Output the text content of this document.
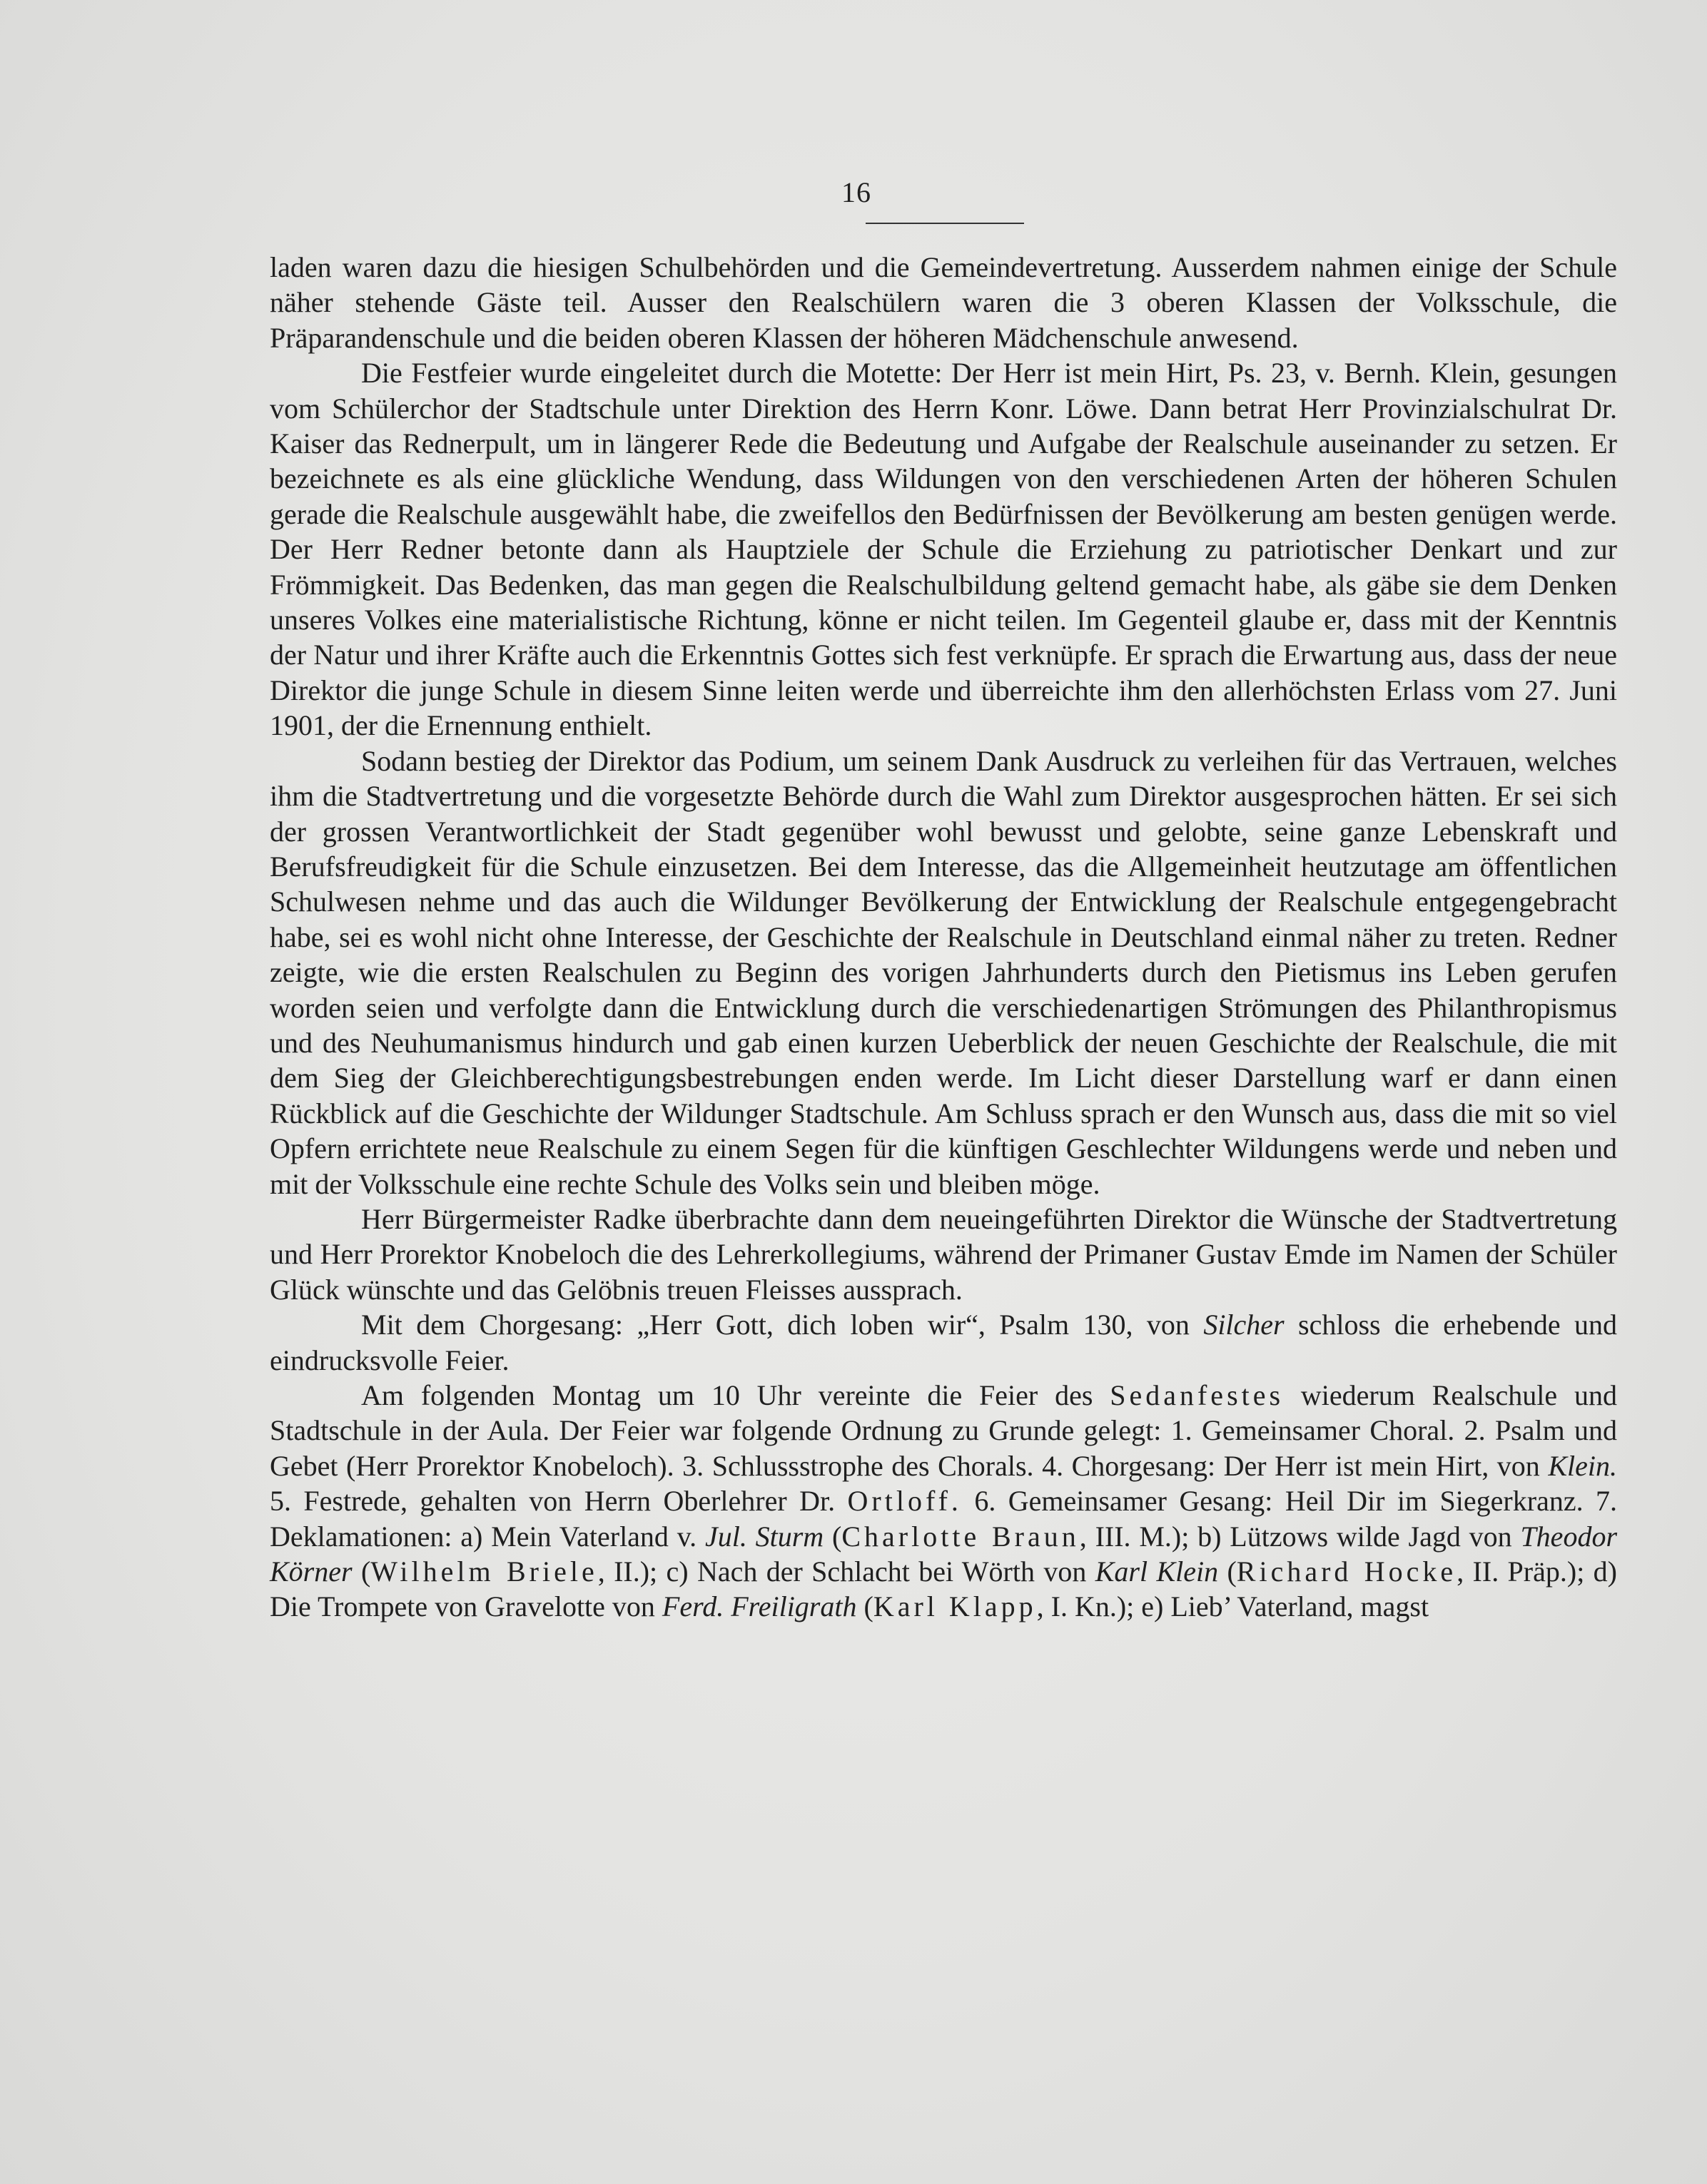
16

laden waren dazu die hiesigen Schulbehörden und die Gemeindevertretung. Ausserdem nahmen einige der Schule näher stehende Gäste teil. Ausser den Realschülern waren die 3 oberen Klassen der Volksschule, die Präparandenschule und die beiden oberen Klassen der höheren Mädchenschule anwesend.

Die Festfeier wurde eingeleitet durch die Motette: Der Herr ist mein Hirt, Ps. 23, v. Bernh. Klein, gesungen vom Schülerchor der Stadtschule unter Direktion des Herrn Konr. Löwe. Dann betrat Herr Provinzialschulrat Dr. Kaiser das Rednerpult, um in längerer Rede die Bedeutung und Aufgabe der Realschule auseinander zu setzen. Er bezeichnete es als eine glückliche Wendung, dass Wildungen von den verschiedenen Arten der höheren Schulen gerade die Realschule ausgewählt habe, die zweifellos den Bedürfnissen der Bevölkerung am besten genügen werde. Der Herr Redner betonte dann als Hauptziele der Schule die Erziehung zu patriotischer Denkart und zur Frömmigkeit. Das Bedenken, das man gegen die Realschulbildung geltend gemacht habe, als gäbe sie dem Denken unseres Volkes eine materialistische Richtung, könne er nicht teilen. Im Gegenteil glaube er, dass mit der Kenntnis der Natur und ihrer Kräfte auch die Erkenntnis Gottes sich fest verknüpfe. Er sprach die Erwartung aus, dass der neue Direktor die junge Schule in diesem Sinne leiten werde und überreichte ihm den allerhöchsten Erlass vom 27. Juni 1901, der die Ernennung enthielt.

Sodann bestieg der Direktor das Podium, um seinem Dank Ausdruck zu verleihen für das Vertrauen, welches ihm die Stadtvertretung und die vorgesetzte Behörde durch die Wahl zum Direktor ausgesprochen hätten. Er sei sich der grossen Verantwortlichkeit der Stadt gegenüber wohl bewusst und gelobte, seine ganze Lebenskraft und Berufsfreudigkeit für die Schule einzusetzen. Bei dem Interesse, das die Allgemeinheit heutzutage am öffentlichen Schulwesen nehme und das auch die Wildunger Bevölkerung der Entwicklung der Realschule entgegengebracht habe, sei es wohl nicht ohne Interesse, der Geschichte der Realschule in Deutschland einmal näher zu treten. Redner zeigte, wie die ersten Realschulen zu Beginn des vorigen Jahrhunderts durch den Pietismus ins Leben gerufen worden seien und verfolgte dann die Entwicklung durch die verschiedenartigen Strömungen des Philanthropismus und des Neuhumanismus hindurch und gab einen kurzen Ueberblick der neuen Geschichte der Realschule, die mit dem Sieg der Gleichberechtigungsbestrebungen enden werde. Im Licht dieser Darstellung warf er dann einen Rückblick auf die Geschichte der Wildunger Stadtschule. Am Schluss sprach er den Wunsch aus, dass die mit so viel Opfern errichtete neue Realschule zu einem Segen für die künftigen Geschlechter Wildungens werde und neben und mit der Volksschule eine rechte Schule des Volks sein und bleiben möge.

Herr Bürgermeister Radke überbrachte dann dem neueingeführten Direktor die Wünsche der Stadtvertretung und Herr Prorektor Knobeloch die des Lehrerkollegiums, während der Primaner Gustav Emde im Namen der Schüler Glück wünschte und das Gelöbnis treuen Fleisses aussprach.

Mit dem Chorgesang: „Herr Gott, dich loben wir“, Psalm 130, von Silcher schloss die erhebende und eindrucksvolle Feier.

Am folgenden Montag um 10 Uhr vereinte die Feier des Sedanfestes wiederum Realschule und Stadtschule in der Aula. Der Feier war folgende Ordnung zu Grunde gelegt: 1. Gemeinsamer Choral. 2. Psalm und Gebet (Herr Prorektor Knobeloch). 3. Schlussstrophe des Chorals. 4. Chorgesang: Der Herr ist mein Hirt, von Klein. 5. Festrede, gehalten von Herrn Oberlehrer Dr. Ortloff. 6. Gemeinsamer Gesang: Heil Dir im Siegerkranz. 7. Deklamationen: a) Mein Vaterland v. Jul. Sturm (Charlotte Braun, III. M.); b) Lützows wilde Jagd von Theodor Körner (Wilhelm Briele, II.); c) Nach der Schlacht bei Wörth von Karl Klein (Richard Hocke, II. Präp.); d) Die Trompete von Gravelotte von Ferd. Freiligrath (Karl Klapp, I. Kn.); e) Lieb’ Vaterland, magst
